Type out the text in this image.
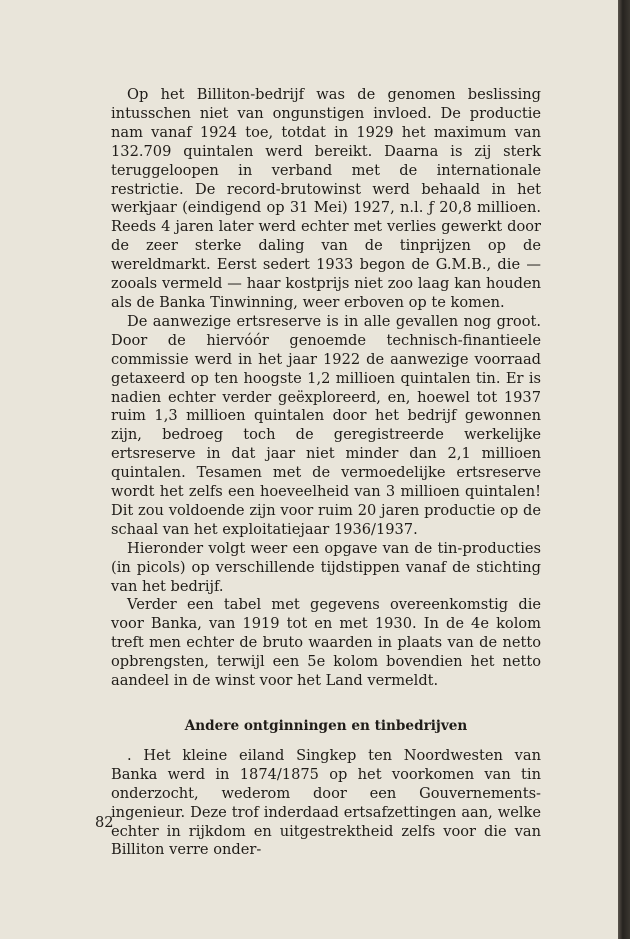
Op het Billiton-bedrijf was de genomen beslissing intusschen niet van ongunstigen invloed. De productie nam vanaf 1924 toe, totdat in 1929 het maximum van 132.709 quintalen werd bereikt. Daarna is zij sterk teruggeloopen in verband met de internationale restrictie. De record-brutowinst werd behaald in het werkjaar (eindigend op 31 Mei) 1927, n.l. ƒ 20,8 millioen. Reeds 4 jaren later werd echter met verlies gewerkt door de zeer sterke daling van de tinprijzen op de wereldmarkt. Eerst sedert 1933 begon de G.M.B., die — zooals vermeld — haar kostprijs niet zoo laag kan houden als de Banka Tinwinning, weer erboven op te komen.

De aanwezige ertsreserve is in alle gevallen nog groot. Door de hiervóór genoemde technisch-finantieele commissie werd in het jaar 1922 de aanwezige voorraad getaxeerd op ten hoogste 1,2 millioen quintalen tin. Er is nadien echter verder geëxploreerd, en, hoewel tot 1937 ruim 1,3 millioen quintalen door het bedrijf gewonnen zijn, bedroeg toch de geregistreerde werkelijke ertsreserve in dat jaar niet minder dan 2,1 millioen quintalen. Tesamen met de vermoedelijke ertsreserve wordt het zelfs een hoeveelheid van 3 millioen quintalen! Dit zou voldoende zijn voor ruim 20 jaren productie op de schaal van het exploitatiejaar 1936/1937.

Hieronder volgt weer een opgave van de tin-producties (in picols) op verschillende tijdstippen vanaf de stichting van het bedrijf.

Verder een tabel met gegevens overeenkomstig die voor Banka, van 1919 tot en met 1930. In de 4e kolom treft men echter de bruto waarden in plaats van de netto opbrengsten, terwijl een 5e kolom bovendien het netto aandeel in de winst voor het Land vermeldt.

Andere ontginningen en tinbedrijven

. Het kleine eiland Singkep ten Noordwesten van Banka werd in 1874/1875 op het voorkomen van tin onderzocht, wederom door een Gouvernements-ingenieur. Deze trof inderdaad ertsafzettingen aan, welke echter in rijkdom en uitgestrektheid zelfs voor die van Billiton verre onder-

82
